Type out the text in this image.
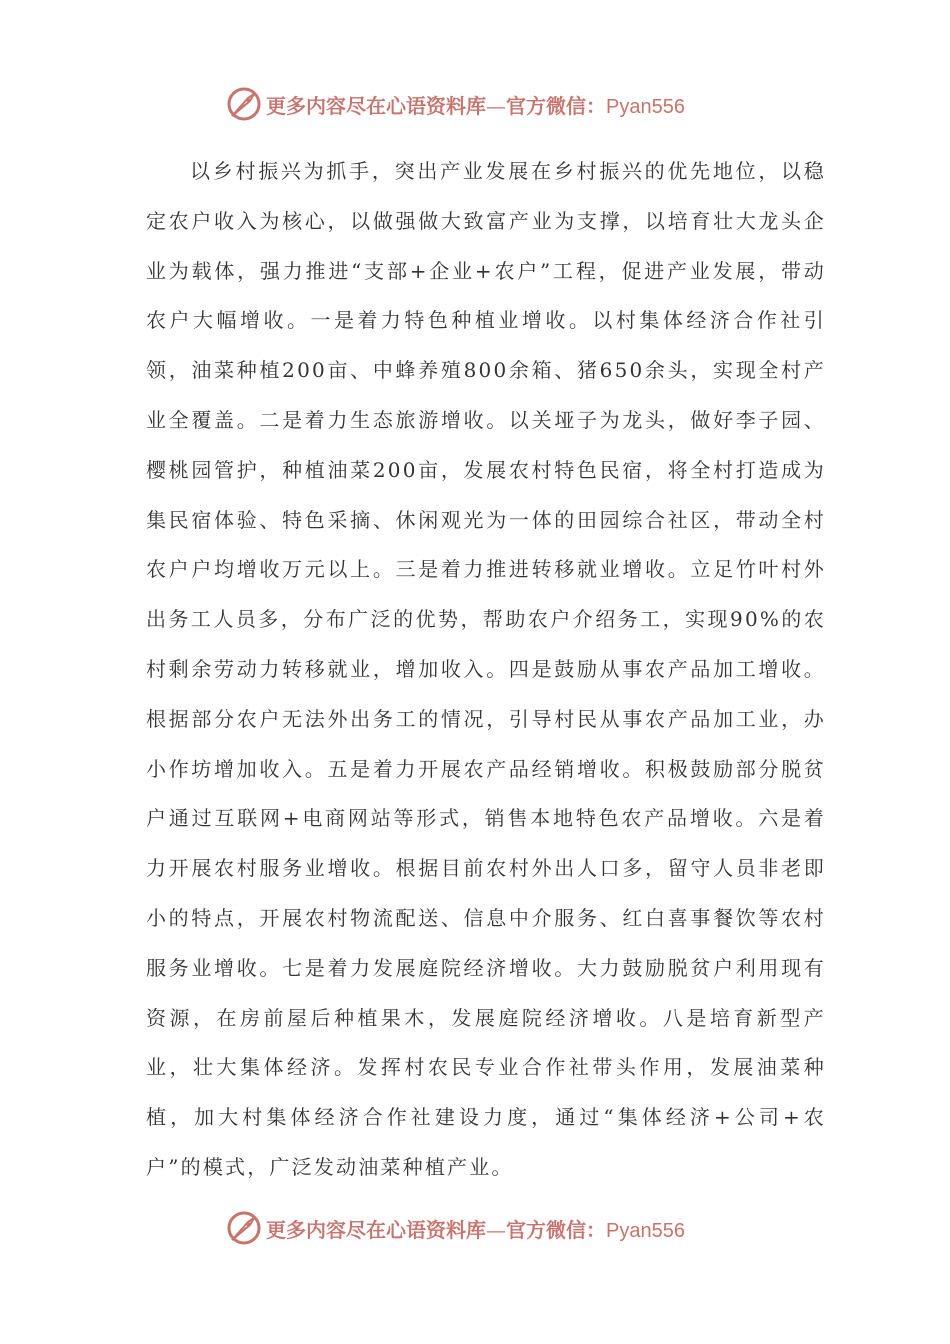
更多内容尽在心语资料库—官方微信：Pyan556

以乡村振兴为抓手，突出产业发展在乡村振兴的优先地位，以稳定农户收入为核心，以做强做大致富产业为支撑，以培育壮大龙头企业为载体，强力推进“支部+企业+农户”工程，促进产业发展，带动农户大幅增收。一是着力特色种植业增收。以村集体经济合作社引领，油菜种植200亩、中蜂养殖800余箱、猪650余头，实现全村产业全覆盖。二是着力生态旅游增收。以关垭子为龙头，做好李子园、樱桃园管护，种植油菜200亩，发展农村特色民宿，将全村打造成为集民宿体验、特色采摘、休闲观光为一体的田园综合社区，带动全村农户户均增收万元以上。三是着力推进转移就业增收。立足竹叶村外出务工人员多，分布广泛的优势，帮助农户介绍务工，实现90%的农村剩余劳动力转移就业，增加收入。四是鼓励从事农产品加工增收。根据部分农户无法外出务工的情况，引导村民从事农产品加工业，办小作坊增加收入。五是着力开展农产品经销增收。积极鼓励部分脱贫户通过互联网+电商网站等形式，销售本地特色农产品增收。六是着力开展农村服务业增收。根据目前农村外出人口多，留守人员非老即小的特点，开展农村物流配送、信息中介服务、红白喜事餐饮等农村服务业增收。七是着力发展庭院经济增收。大力鼓励脱贫户利用现有资源，在房前屋后种植果木，发展庭院经济增收。八是培育新型产业，壮大集体经济。发挥村农民专业合作社带头作用，发展油菜种植，加大村集体经济合作社建设力度，通过“集体经济+公司+农户”的模式，广泛发动油菜种植产业。

更多内容尽在心语资料库—官方微信：Pyan556
